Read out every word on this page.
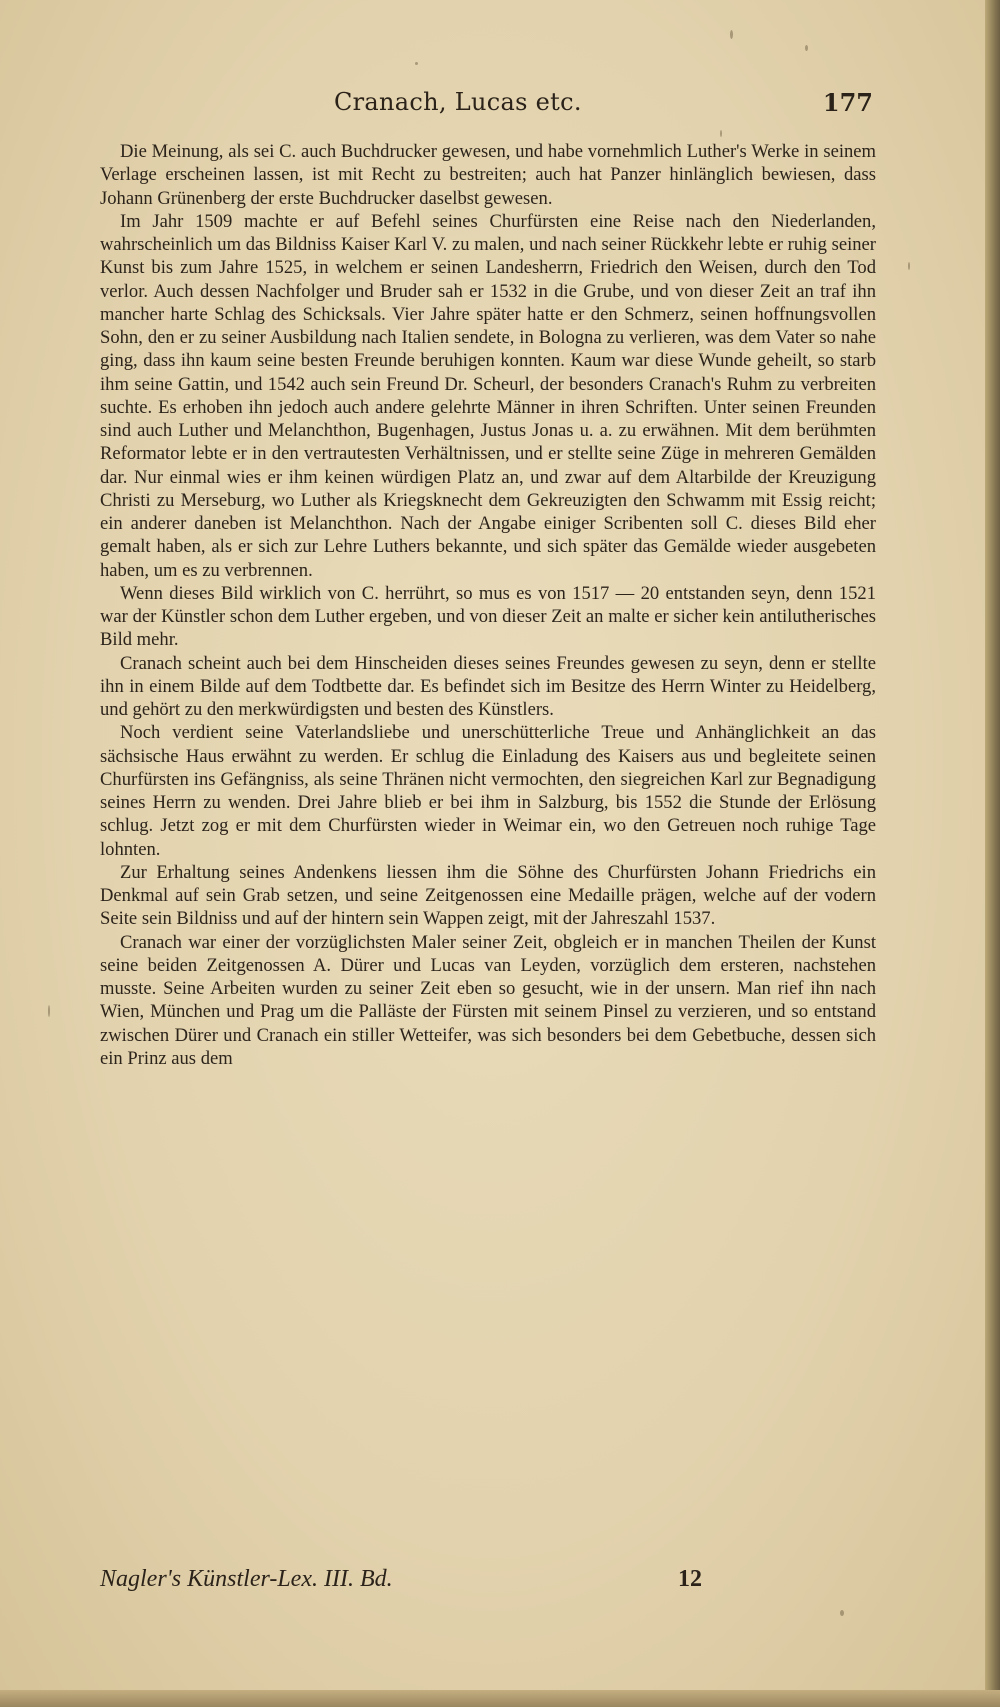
Cranach, Lucas etc.	177

Die Meinung, als sei C. auch Buchdrucker gewesen, und habe vornehmlich Luther's Werke in seinem Verlage erscheinen lassen, ist mit Recht zu bestreiten; auch hat Panzer hinlänglich bewiesen, dass Johann Grünenberg der erste Buchdrucker daselbst gewesen.

Im Jahr 1509 machte er auf Befehl seines Churfürsten eine Reise nach den Niederlanden, wahrscheinlich um das Bildniss Kaiser Karl V. zu malen, und nach seiner Rückkehr lebte er ruhig seiner Kunst bis zum Jahre 1525, in welchem er seinen Landesherrn, Friedrich den Weisen, durch den Tod verlor. Auch dessen Nachfolger und Bruder sah er 1532 in die Grube, und von dieser Zeit an traf ihn mancher harte Schlag des Schicksals. Vier Jahre später hatte er den Schmerz, seinen hoffnungsvollen Sohn, den er zu seiner Ausbildung nach Italien sendete, in Bologna zu verlieren, was dem Vater so nahe ging, dass ihn kaum seine besten Freunde beruhigen konnten. Kaum war diese Wunde geheilt, so starb ihm seine Gattin, und 1542 auch sein Freund Dr. Scheurl, der besonders Cranach's Ruhm zu verbreiten suchte. Es erhoben ihn jedoch auch andere gelehrte Männer in ihren Schriften. Unter seinen Freunden sind auch Luther und Melanchthon, Bugenhagen, Justus Jonas u. a. zu erwähnen. Mit dem berühmten Reformator lebte er in den vertrautesten Verhältnissen, und er stellte seine Züge in mehreren Gemälden dar. Nur einmal wies er ihm keinen würdigen Platz an, und zwar auf dem Altarbilde der Kreuzigung Christi zu Merseburg, wo Luther als Kriegsknecht dem Gekreuzigten den Schwamm mit Essig reicht; ein anderer daneben ist Melanchthon. Nach der Angabe einiger Scribenten soll C. dieses Bild eher gemalt haben, als er sich zur Lehre Luthers bekannte, und sich später das Gemälde wieder ausgebeten haben, um es zu verbrennen.

Wenn dieses Bild wirklich von C. herrührt, so mus es von 1517 — 20 entstanden seyn, denn 1521 war der Künstler schon dem Luther ergeben, und von dieser Zeit an malte er sicher kein antilutherisches Bild mehr.

Cranach scheint auch bei dem Hinscheiden dieses seines Freundes gewesen zu seyn, denn er stellte ihn in einem Bilde auf dem Todtbette dar. Es befindet sich im Besitze des Herrn Winter zu Heidelberg, und gehört zu den merkwürdigsten und besten des Künstlers.

Noch verdient seine Vaterlandsliebe und unerschütterliche Treue und Anhänglichkeit an das sächsische Haus erwähnt zu werden. Er schlug die Einladung des Kaisers aus und begleitete seinen Churfürsten ins Gefängniss, als seine Thränen nicht vermochten, den siegreichen Karl zur Begnadigung seines Herrn zu wenden. Drei Jahre blieb er bei ihm in Salzburg, bis 1552 die Stunde der Erlösung schlug. Jetzt zog er mit dem Churfürsten wieder in Weimar ein, wo den Getreuen noch ruhige Tage lohnten.

Zur Erhaltung seines Andenkens liessen ihm die Söhne des Churfürsten Johann Friedrichs ein Denkmal auf sein Grab setzen, und seine Zeitgenossen eine Medaille prägen, welche auf der vodern Seite sein Bildniss und auf der hintern sein Wappen zeigt, mit der Jahreszahl 1537.

Cranach war einer der vorzüglichsten Maler seiner Zeit, obgleich er in manchen Theilen der Kunst seine beiden Zeitgenossen A. Dürer und Lucas van Leyden, vorzüglich dem ersteren, nachstehen musste. Seine Arbeiten wurden zu seiner Zeit eben so gesucht, wie in der unsern. Man rief ihn nach Wien, München und Prag um die Palläste der Fürsten mit seinem Pinsel zu verzieren, und so entstand zwischen Dürer und Cranach ein stiller Wetteifer, was sich besonders bei dem Gebetbuche, dessen sich ein Prinz aus dem

Nagler's Künstler-Lex. III. Bd.	12
